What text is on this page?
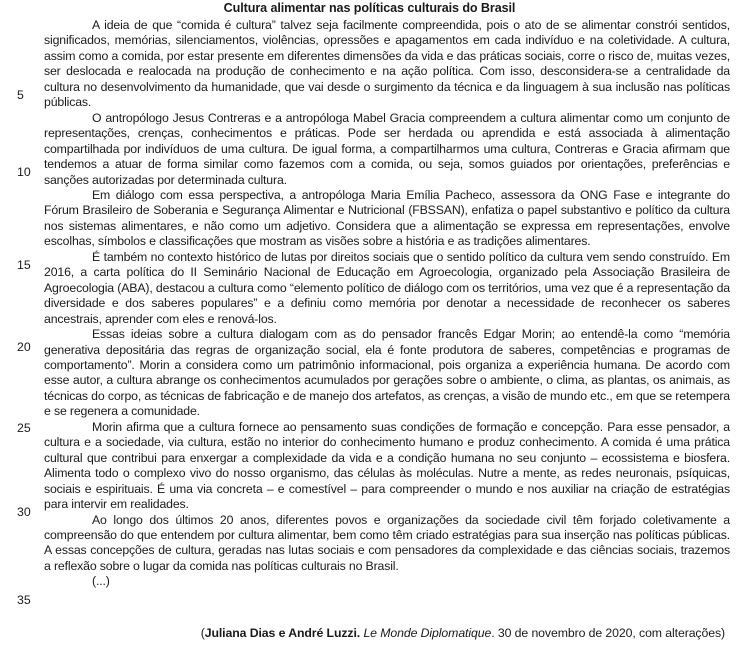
Cultura alimentar nas políticas culturais do Brasil
5
10
15
20
25
30
35

A ideia de que “comida é cultura” talvez seja facilmente compreendida, pois o ato de se alimentar constrói sentidos, significados, memórias, silenciamentos, violências, opressões e apagamentos em cada indivíduo e na coletividade. A cultura, assim como a comida, por estar presente em diferentes dimensões da vida e das práticas sociais, corre o risco de, muitas vezes, ser deslocada e realocada na produção de conhecimento e na ação política. Com isso, desconsidera-se a centralidade da cultura no desenvolvimento da humanidade, que vai desde o surgimento da técnica e da linguagem à sua inclusão nas políticas públicas.

O antropólogo Jesus Contreras e a antropóloga Mabel Gracia compreendem a cultura alimentar como um conjunto de representações, crenças, conhecimentos e práticas. Pode ser herdada ou aprendida e está associada à alimentação compartilhada por indivíduos de uma cultura. De igual forma, a compartilharmos uma cultura, Contreras e Gracia afirmam que tendemos a atuar de forma similar como fazemos com a comida, ou seja, somos guiados por orientações, preferências e sanções autorizadas por determinada cultura.

Em diálogo com essa perspectiva, a antropóloga Maria Emília Pacheco, assessora da ONG Fase e integrante do Fórum Brasileiro de Soberania e Segurança Alimentar e Nutricional (FBSSAN), enfatiza o papel substantivo e político da cultura nos sistemas alimentares, e não como um adjetivo. Considera que a alimentação se expressa em representações, envolve escolhas, símbolos e classificações que mostram as visões sobre a história e as tradições alimentares.

É também no contexto histórico de lutas por direitos sociais que o sentido político da cultura vem sendo construído. Em 2016, a carta política do II Seminário Nacional de Educação em Agroecologia, organizado pela Associação Brasileira de Agroecologia (ABA), destacou a cultura como “elemento político de diálogo com os territórios, uma vez que é a representação da diversidade e dos saberes populares” e a definiu como memória por denotar a necessidade de reconhecer os saberes ancestrais, aprender com eles e renová-los.

Essas ideias sobre a cultura dialogam com as do pensador francês Edgar Morin; ao entendê-la como “memória generativa depositária das regras de organização social, ela é fonte produtora de saberes, competências e programas de comportamento”. Morin a considera como um patrimônio informacional, pois organiza a experiência humana. De acordo com esse autor, a cultura abrange os conhecimentos acumulados por gerações sobre o ambiente, o clima, as plantas, os animais, as técnicas do corpo, as técnicas de fabricação e de manejo dos artefatos, as crenças, a visão de mundo etc., em que se retempera e se regenera a comunidade.

Morin afirma que a cultura fornece ao pensamento suas condições de formação e concepção. Para esse pensador, a cultura e a sociedade, via cultura, estão no interior do conhecimento humano e produz conhecimento. A comida é uma prática cultural que contribui para enxergar a complexidade da vida e a condição humana no seu conjunto – ecossistema e biosfera. Alimenta todo o complexo vivo do nosso organismo, das células às moléculas. Nutre a mente, as redes neuronais, psíquicas, sociais e espirituais. É uma via concreta – e comestível – para compreender o mundo e nos auxiliar na criação de estratégias para intervir em realidades.

Ao longo dos últimos 20 anos, diferentes povos e organizações da sociedade civil têm forjado coletivamente a compreensão do que entendem por cultura alimentar, bem como têm criado estratégias para sua inserção nas políticas públicas. A essas concepções de cultura, geradas nas lutas sociais e com pensadores da complexidade e das ciências sociais, trazemos a reflexão sobre o lugar da comida nas políticas culturais no Brasil.

(...)

(Juliana Dias e André Luzzi. Le Monde Diplomatique. 30 de novembro de 2020, com alterações)
